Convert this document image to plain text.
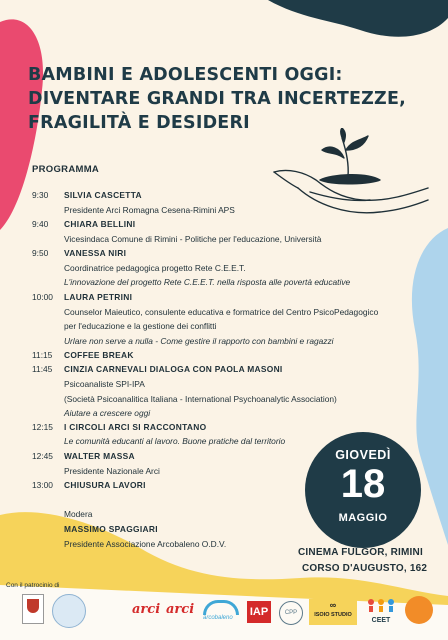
BAMBINI E ADOLESCENTI OGGI:
DIVENTARE GRANDI TRA INCERTEZZE,
FRAGILITÀ E DESIDERI
PROGRAMMA
9:30 SILVIA CASCETTA
Presidente Arci Romagna Cesena-Rimini APS
9:40 CHIARA BELLINI
Vicesindaca Comune di Rimini - Politiche per l'educazione, Università
9:50 VANESSA NIRI
Coordinatrice pedagogica progetto Rete C.E.E.T.
L'innovazione del progetto Rete C.E.E.T. nella risposta alle povertà educative
10:00 LAURA PETRINI
Counselor Maieutico, consulente educativa e formatrice del Centro PsicoPedagogico
per l'educazione e la gestione dei conflitti
Urlare non serve a nulla - Come gestire il rapporto con bambini e ragazzi
11:15 COFFEE BREAK
11:45 CINZIA CARNEVALI DIALOGA CON PAOLA MASONI
Psicoanaliste SPI-IPA
(Società Psicoanalitica Italiana - International Psychoanalytic Association)
Aiutare a crescere oggi
12:15 I CIRCOLI ARCI SI RACCONTANO
Le comunità educanti al lavoro. Buone pratiche dal territorio
12:45 WALTER MASSA
Presidente Nazionale Arci
13:00 CHIUSURA LAVORI
Modera
MASSIMO SPAGGIARI
Presidente Associazione Arcobaleno O.D.V.
GIOVEDÌ
18
MAGGIO
CINEMA FULGOR, RIMINI
CORSO D'AUGUSTO, 162
Con il patrocinio di
arci arci
arcobaleno	IAP	CPP
∞
ISOIO STUDIO
CEET
